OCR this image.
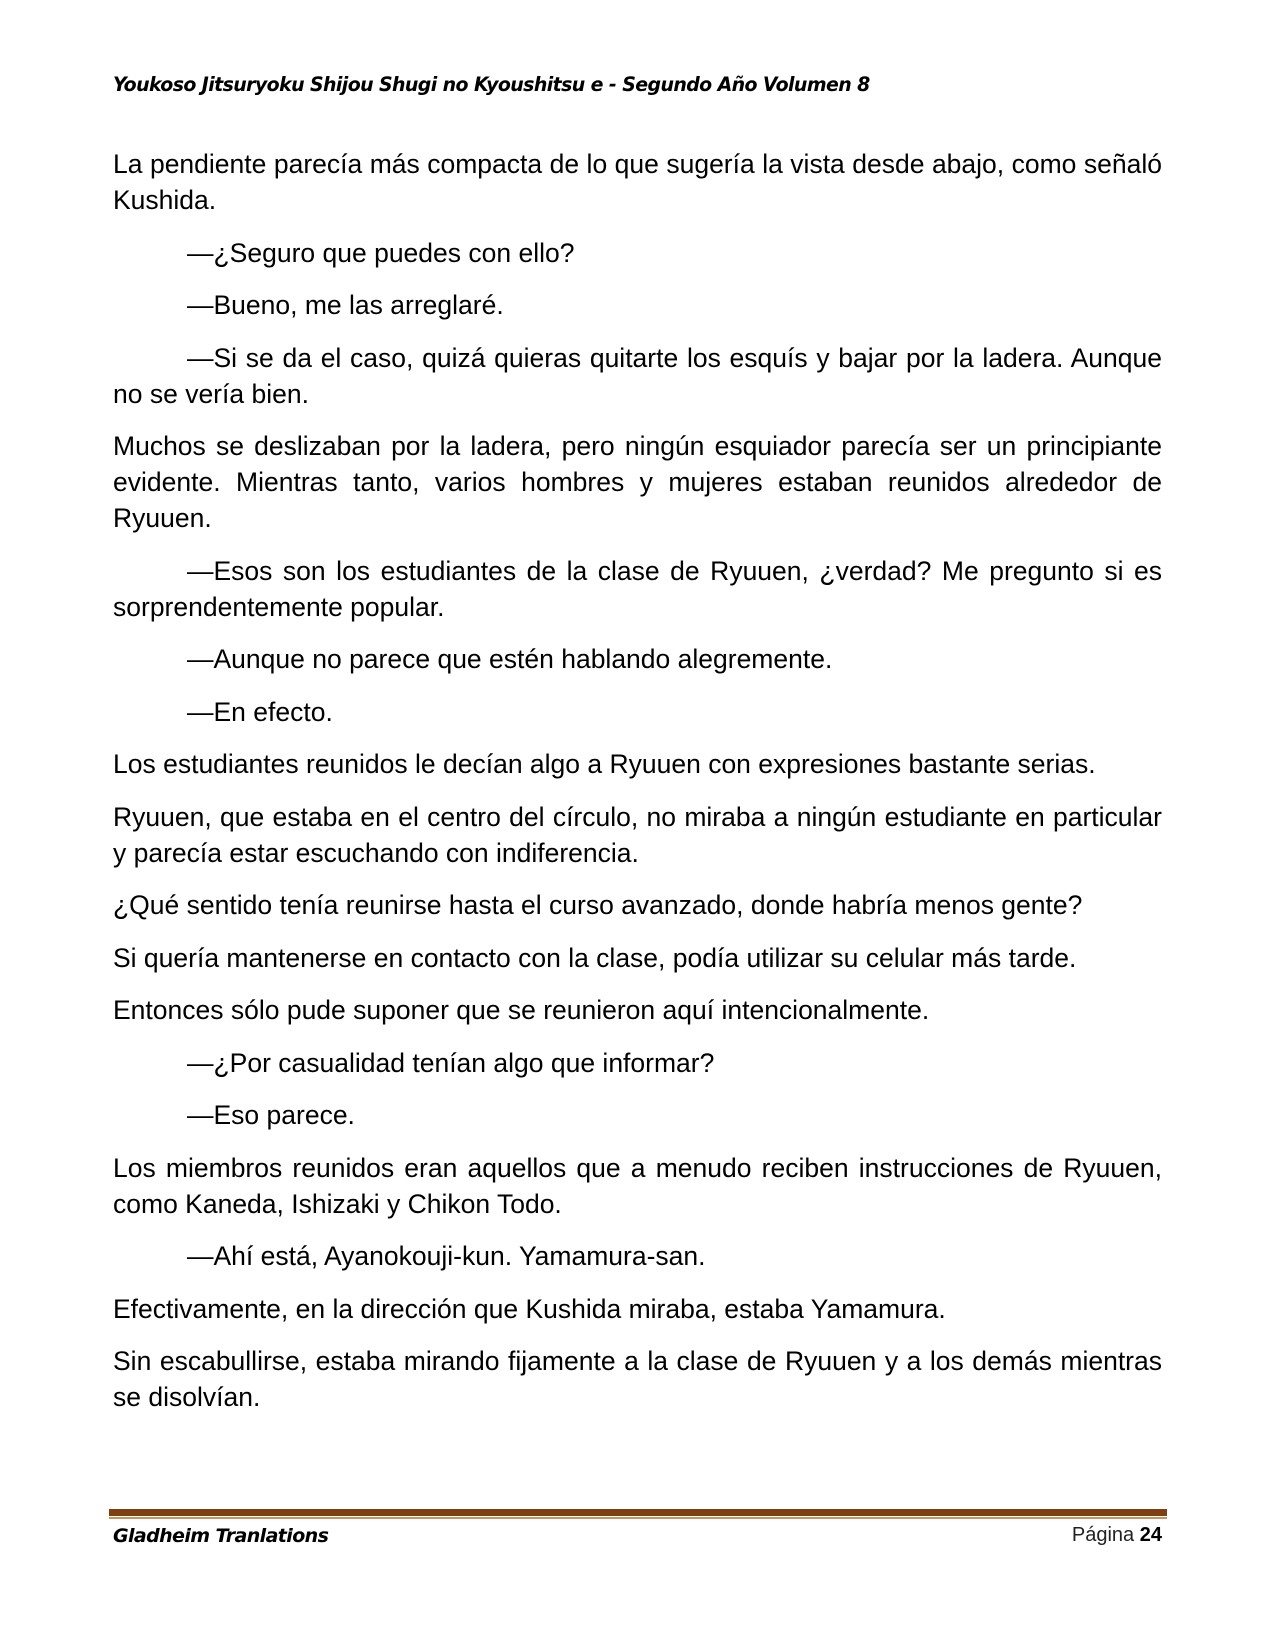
Youkoso Jitsuryoku Shijou Shugi no Kyoushitsu e - Segundo Año Volumen 8

La pendiente parecía más compacta de lo que sugería la vista desde abajo, como señaló Kushida.

—¿Seguro que puedes con ello?

—Bueno, me las arreglaré.

—Si se da el caso, quizá quieras quitarte los esquís y bajar por la ladera. Aunque no se vería bien.

Muchos se deslizaban por la ladera, pero ningún esquiador parecía ser un principiante evidente. Mientras tanto, varios hombres y mujeres estaban reunidos alrededor de Ryuuen.

—Esos son los estudiantes de la clase de Ryuuen, ¿verdad? Me pregunto si es sorprendentemente popular.

—Aunque no parece que estén hablando alegremente.

—En efecto.

Los estudiantes reunidos le decían algo a Ryuuen con expresiones bastante serias.

Ryuuen, que estaba en el centro del círculo, no miraba a ningún estudiante en particular y parecía estar escuchando con indiferencia.

¿Qué sentido tenía reunirse hasta el curso avanzado, donde habría menos gente?

Si quería mantenerse en contacto con la clase, podía utilizar su celular más tarde.

Entonces sólo pude suponer que se reunieron aquí intencionalmente.

—¿Por casualidad tenían algo que informar?

—Eso parece.

Los miembros reunidos eran aquellos que a menudo reciben instrucciones de Ryuuen, como Kaneda, Ishizaki y Chikon Todo.

—Ahí está, Ayanokouji-kun. Yamamura-san.

Efectivamente, en la dirección que Kushida miraba, estaba Yamamura.

Sin escabullirse, estaba mirando fijamente a la clase de Ryuuen y a los demás mientras se disolvían.

Gladheim Tranlations	Página 24
